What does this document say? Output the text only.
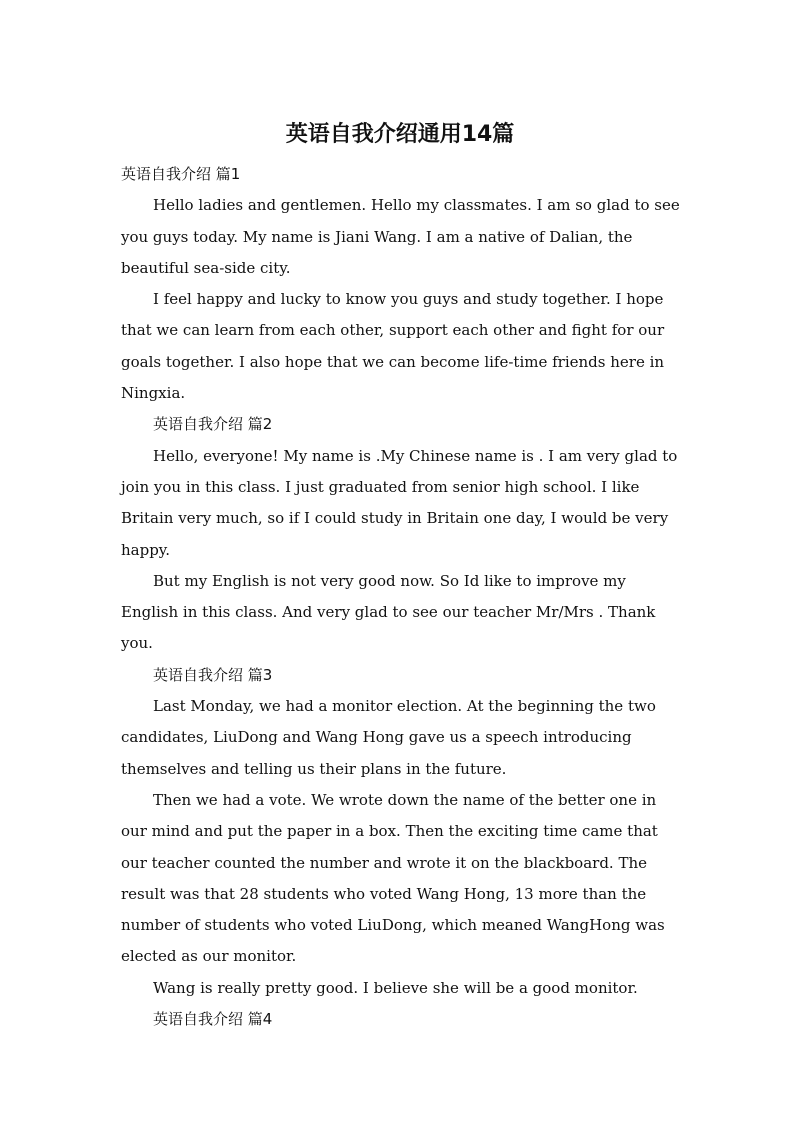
英语自我介绍通用14篇

英语自我介绍 篇1

Hello ladies and gentlemen. Hello my classmates. I am so glad to see you guys today. My name is Jiani Wang. I am a native of Dalian, the beautiful sea-side city.

I feel happy and lucky to know you guys and study together. I hope that we can learn from each other, support each other and fight for our goals together. I also hope that we can become life-time friends here in Ningxia.

英语自我介绍 篇2

Hello, everyone! My name is .My Chinese name is . I am very glad to join you in this class. I just graduated from senior high school. I like Britain very much, so if I could study in Britain one day, I would be very happy.

But my English is not very good now. So Id like to improve my English in this class. And very glad to see our teacher Mr/Mrs . Thank you.

英语自我介绍 篇3

Last Monday, we had a monitor election. At the beginning the two candidates, LiuDong and Wang Hong gave us a speech introducing themselves and telling us their plans in the future.

Then we had a vote. We wrote down the name of the better one in our mind and put the paper in a box. Then the exciting time came that our teacher counted the number and wrote it on the blackboard. The result was that 28 students who voted Wang Hong, 13 more than the number of students who voted LiuDong, which meaned WangHong was elected as our monitor.

Wang is really pretty good. I believe she will be a good monitor.

英语自我介绍 篇4
